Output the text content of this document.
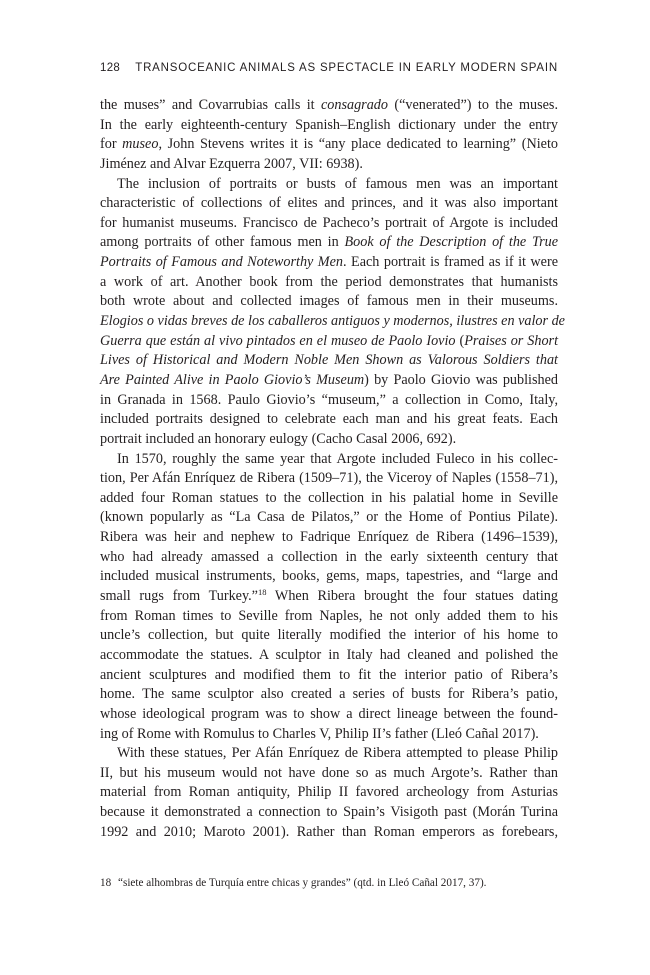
128 TRANSOCEANIC ANIMALS AS SPECTACLE IN EARLY MODERN SPAIN
the muses” and Covarrubias calls it consagrado (“venerated”) to the muses.
In the early eighteenth-century Spanish–English dictionary under the entry
for museo, John Stevens writes it is “any place dedicated to learning” (Nieto
Jiménez and Alvar Ezquerra 2007, VII: 6938).
The inclusion of portraits or busts of famous men was an important
characteristic of collections of elites and princes, and it was also important
for humanist museums. Francisco de Pacheco’s portrait of Argote is included
among portraits of other famous men in Book of the Description of the True
Portraits of Famous and Noteworthy Men. Each portrait is framed as if it were
a work of art. Another book from the period demonstrates that humanists
both wrote about and collected images of famous men in their museums.
Elogios o vidas breves de los caballeros antiguos y modernos, ilustres en valor de
Guerra que están al vivo pintados en el museo de Paolo Iovio (Praises or Short
Lives of Historical and Modern Noble Men Shown as Valorous Soldiers that
Are Painted Alive in Paolo Giovio’s Museum) by Paolo Giovio was published
in Granada in 1568. Paulo Giovio’s “museum,” a collection in Como, Italy,
included portraits designed to celebrate each man and his great feats. Each
portrait included an honorary eulogy (Cacho Casal 2006, 692).
In 1570, roughly the same year that Argote included Fuleco in his collec-
tion, Per Afán Enríquez de Ribera (1509–71), the Viceroy of Naples (1558–71),
added four Roman statues to the collection in his palatial home in Seville
(known popularly as “La Casa de Pilatos,” or the Home of Pontius Pilate).
Ribera was heir and nephew to Fadrique Enríquez de Ribera (1496–1539),
who had already amassed a collection in the early sixteenth century that
included musical instruments, books, gems, maps, tapestries, and “large and
small rugs from Turkey.”$^{18}$ When Ribera brought the four statues dating
from Roman times to Seville from Naples, he not only added them to his
uncle’s collection, but quite literally modified the interior of his home to
accommodate the statues. A sculptor in Italy had cleaned and polished the
ancient sculptures and modified them to fit the interior patio of Ribera’s
home. The same sculptor also created a series of busts for Ribera’s patio,
whose ideological program was to show a direct lineage between the found-
ing of Rome with Romulus to Charles V, Philip II’s father (Lleó Cañal 2017).
With these statues, Per Afán Enríquez de Ribera attempted to please Philip
II, but his museum would not have done so as much Argote’s. Rather than
material from Roman antiquity, Philip II favored archeology from Asturias
because it demonstrated a connection to Spain’s Visigoth past (Morán Turina
1992 and 2010; Maroto 2001). Rather than Roman emperors as forebears,
18 “siete alhombras de Turquía entre chicas y grandes” (qtd. in Lleó Cañal 2017, 37).
